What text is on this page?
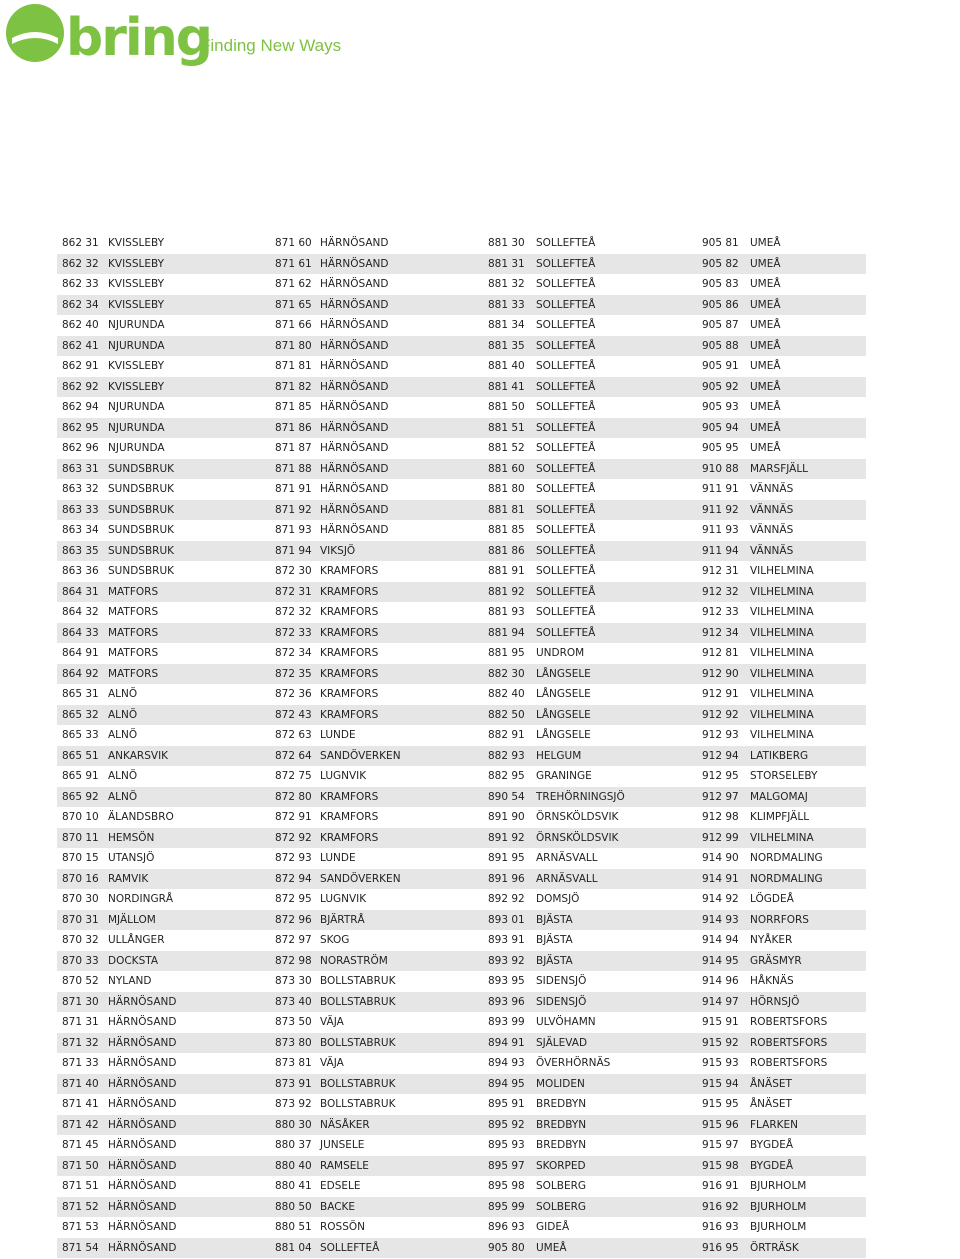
bring
Finding New Ways
862 31 KVISSLEBY	871 60 HÄRNÖSAND	881 30 SOLLEFTEÅ	905 81 UMEÅ
862 32 KVISSLEBY	871 61 HÄRNÖSAND	881 31 SOLLEFTEÅ	905 82 UMEÅ
862 33 KVISSLEBY	871 62 HÄRNÖSAND	881 32 SOLLEFTEÅ	905 83 UMEÅ
862 34 KVISSLEBY	871 65 HÄRNÖSAND	881 33 SOLLEFTEÅ	905 86 UMEÅ
862 40 NJURUNDA	871 66 HÄRNÖSAND	881 34 SOLLEFTEÅ	905 87 UMEÅ
862 41 NJURUNDA	871 80 HÄRNÖSAND	881 35 SOLLEFTEÅ	905 88 UMEÅ
862 91 KVISSLEBY	871 81 HÄRNÖSAND	881 40 SOLLEFTEÅ	905 91 UMEÅ
862 92 KVISSLEBY	871 82 HÄRNÖSAND	881 41 SOLLEFTEÅ	905 92 UMEÅ
862 94 NJURUNDA	871 85 HÄRNÖSAND	881 50 SOLLEFTEÅ	905 93 UMEÅ
862 95 NJURUNDA	871 86 HÄRNÖSAND	881 51 SOLLEFTEÅ	905 94 UMEÅ
862 96 NJURUNDA	871 87 HÄRNÖSAND	881 52 SOLLEFTEÅ	905 95 UMEÅ
863 31 SUNDSBRUK	871 88 HÄRNÖSAND	881 60 SOLLEFTEÅ	910 88 MARSFJÄLL
863 32 SUNDSBRUK	871 91 HÄRNÖSAND	881 80 SOLLEFTEÅ	911 91 VÄNNÄS
863 33 SUNDSBRUK	871 92 HÄRNÖSAND	881 81 SOLLEFTEÅ	911 92 VÄNNÄS
863 34 SUNDSBRUK	871 93 HÄRNÖSAND	881 85 SOLLEFTEÅ	911 93 VÄNNÄS
863 35 SUNDSBRUK	871 94 VIKSJÖ	881 86 SOLLEFTEÅ	911 94 VÄNNÄS
863 36 SUNDSBRUK	872 30 KRAMFORS	881 91 SOLLEFTEÅ	912 31 VILHELMINA
864 31 MATFORS	872 31 KRAMFORS	881 92 SOLLEFTEÅ	912 32 VILHELMINA
864 32 MATFORS	872 32 KRAMFORS	881 93 SOLLEFTEÅ	912 33 VILHELMINA
864 33 MATFORS	872 33 KRAMFORS	881 94 SOLLEFTEÅ	912 34 VILHELMINA
864 91 MATFORS	872 34 KRAMFORS	881 95 UNDROM	912 81 VILHELMINA
864 92 MATFORS	872 35 KRAMFORS	882 30 LÅNGSELE	912 90 VILHELMINA
865 31 ALNÖ	872 36 KRAMFORS	882 40 LÅNGSELE	912 91 VILHELMINA
865 32 ALNÖ	872 43 KRAMFORS	882 50 LÅNGSELE	912 92 VILHELMINA
865 33 ALNÖ	872 63 LUNDE	882 91 LÅNGSELE	912 93 VILHELMINA
865 51 ANKARSVIK	872 64 SANDÖVERKEN	882 93 HELGUM	912 94 LATIKBERG
865 91 ALNÖ	872 75 LUGNVIK	882 95 GRANINGE	912 95 STORSELEBY
865 92 ALNÖ	872 80 KRAMFORS	890 54 TREHÖRNINGSJÖ	912 97 MALGOMAJ
870 10 ÄLANDSBRO	872 91 KRAMFORS	891 90 ÖRNSKÖLDSVIK	912 98 KLIMPFJÄLL
870 11 HEMSÖN	872 92 KRAMFORS	891 92 ÖRNSKÖLDSVIK	912 99 VILHELMINA
870 15 UTANSJÖ	872 93 LUNDE	891 95 ARNÄSVALL	914 90 NORDMALING
870 16 RAMVIK	872 94 SANDÖVERKEN	891 96 ARNÄSVALL	914 91 NORDMALING
870 30 NORDINGRÅ	872 95 LUGNVIK	892 92 DOMSJÖ	914 92 LÖGDEÅ
870 31 MJÄLLOM	872 96 BJÄRTRÅ	893 01 BJÄSTA	914 93 NORRFORS
870 32 ULLÅNGER	872 97 SKOG	893 91 BJÄSTA	914 94 NYÅKER
870 33 DOCKSTA	872 98 NORASTRÖM	893 92 BJÄSTA	914 95 GRÄSMYR
870 52 NYLAND	873 30 BOLLSTABRUK	893 95 SIDENSJÖ	914 96 HÅKNÄS
871 30 HÄRNÖSAND	873 40 BOLLSTABRUK	893 96 SIDENSJÖ	914 97 HÖRNSJÖ
871 31 HÄRNÖSAND	873 50 VÄJA	893 99 ULVÖHAMN	915 91 ROBERTSFORS
871 32 HÄRNÖSAND	873 80 BOLLSTABRUK	894 91 SJÄLEVAD	915 92 ROBERTSFORS
871 33 HÄRNÖSAND	873 81 VÄJA	894 93 ÖVERHÖRNÄS	915 93 ROBERTSFORS
871 40 HÄRNÖSAND	873 91 BOLLSTABRUK	894 95 MOLIDEN	915 94 ÅNÄSET
871 41 HÄRNÖSAND	873 92 BOLLSTABRUK	895 91 BREDBYN	915 95 ÅNÄSET
871 42 HÄRNÖSAND	880 30 NÄSÅKER	895 92 BREDBYN	915 96 FLARKEN
871 45 HÄRNÖSAND	880 37 JUNSELE	895 93 BREDBYN	915 97 BYGDEÅ
871 50 HÄRNÖSAND	880 40 RAMSELE	895 97 SKORPED	915 98 BYGDEÅ
871 51 HÄRNÖSAND	880 41 EDSELE	895 98 SOLBERG	916 91 BJURHOLM
871 52 HÄRNÖSAND	880 50 BACKE	895 99 SOLBERG	916 92 BJURHOLM
871 53 HÄRNÖSAND	880 51 ROSSÖN	896 93 GIDEÅ	916 93 BJURHOLM
871 54 HÄRNÖSAND	881 04 SOLLEFTEÅ	905 80 UMEÅ	916 95 ÖRTRÄSK
